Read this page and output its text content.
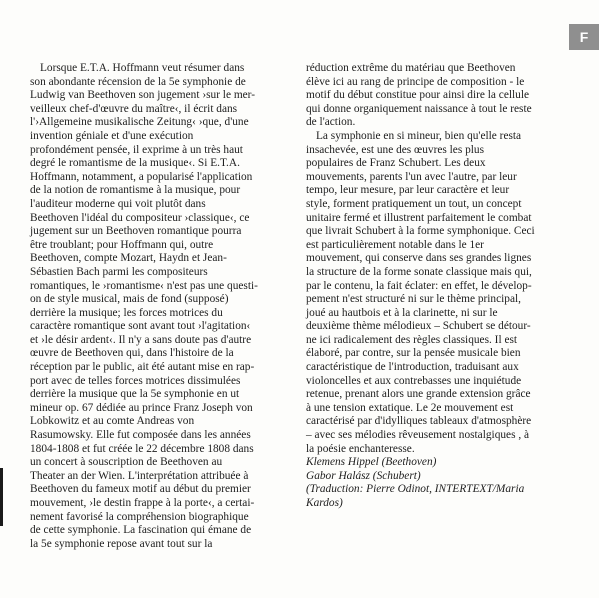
F
Lorsque E.T.A. Hoffmann veut résumer dans
son abondante récension de la 5e symphonie de
Ludwig van Beethoven son jugement ›sur le mer-
veilleux chef-d'œuvre du maître‹, il écrit dans
l'›Allgemeine musikalische Zeitung‹ ›que, d'une
invention géniale et d'une exécution
profondément pensée, il exprime à un très haut
degré le romantisme de la musique‹. Si E.T.A.
Hoffmann, notamment, a popularisé l'application
de la notion de romantisme à la musique, pour
l'auditeur moderne qui voit plutôt dans
Beethoven l'idéal du compositeur ›classique‹, ce
jugement sur un Beethoven romantique pourra
être troublant; pour Hoffmann qui, outre
Beethoven, compte Mozart, Haydn et Jean-
Sébastien Bach parmi les compositeurs
romantiques, le ›romantisme‹ n'est pas une questi-
on de style musical, mais de fond (supposé)
derrière la musique; les forces motrices du
caractère romantique sont avant tout ›l'agitation‹
et ›le désir ardent‹. Il n'y a sans doute pas d'autre
œuvre de Beethoven qui, dans l'histoire de la
réception par le public, ait été autant mise en rap-
port avec de telles forces motrices dissimulées
derrière la musique que la 5e symphonie en ut
mineur op. 67 dédiée au prince Franz Joseph von
Lobkowitz et au comte Andreas von
Rasumowsky. Elle fut composée dans les années
1804-1808 et fut créée le 22 décembre 1808 dans
un concert à souscription de Beethoven au
Theater an der Wien. L'interprétation attribuée à
Beethoven du fameux motif au début du premier
mouvement, ›le destin frappe à la porte‹, a certai-
nement favorisé la compréhension biographique
de cette symphonie. La fascination qui émane de
la 5e symphonie repose avant tout sur la
réduction extrême du matériau que Beethoven
élève ici au rang de principe de composition - le
motif du début constitue pour ainsi dire la cellule
qui donne organiquement naissance à tout le reste
de l'action.
La symphonie en si mineur, bien qu'elle resta
insachevée, est une des œuvres les plus
populaires de Franz Schubert. Les deux
mouvements, parents l'un avec l'autre, par leur
tempo, leur mesure, par leur caractère et leur
style, forment pratiquement un tout, un concept
unitaire fermé et illustrent parfaitement le combat
que livrait Schubert à la forme symphonique. Ceci
est particulièrement notable dans le 1er
mouvement, qui conserve dans ses grandes lignes
la structure de la forme sonate classique mais qui,
par le contenu, la fait éclater: en effet, le dévelop-
pement n'est structuré ni sur le thème principal,
joué au hautbois et à la clarinette, ni sur le
deuxième thème mélodieux – Schubert se détour-
ne ici radicalement des règles classiques. Il est
élaboré, par contre, sur la pensée musicale bien
caractéristique de l'introduction, traduisant aux
violoncelles et aux contrebasses une inquiétude
retenue, prenant alors une grande extension grâce
à une tension extatique. Le 2e mouvement est
caractérisé par d'idylliques tableaux d'atmosphère
– avec ses mélodies rêveusement nostalgiques , à
la poésie enchanteresse.
Klemens Hippel (Beethoven)
Gabor Halász (Schubert)
(Traduction: Pierre Odinot, INTERTEXT/Maria
Kardos)
